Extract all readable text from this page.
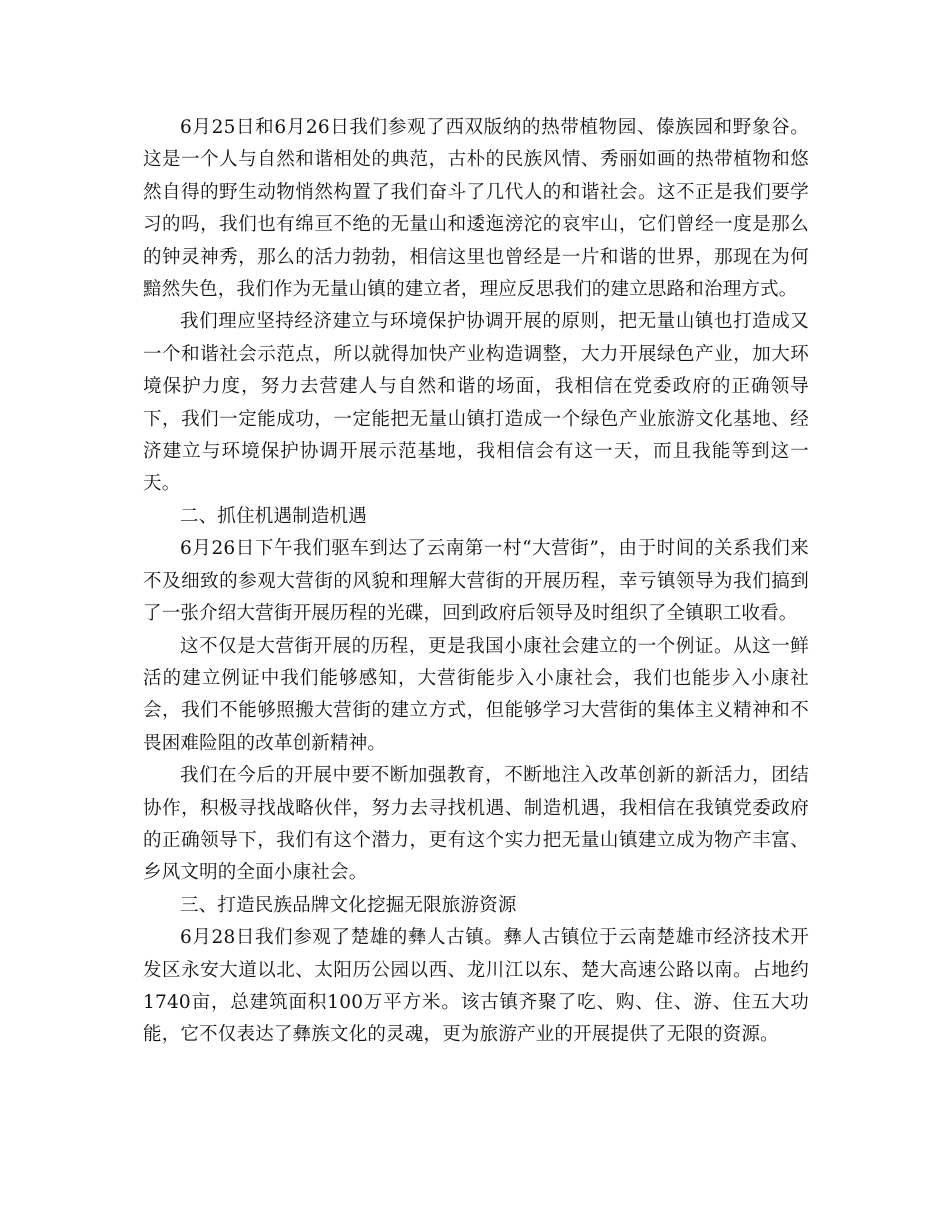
6月25日和6月26日我们参观了西双版纳的热带植物园、傣族园和野象谷。这是一个人与自然和谐相处的典范，古朴的民族风情、秀丽如画的热带植物和悠然自得的野生动物悄然构置了我们奋斗了几代人的和谐社会。这不正是我们要学习的吗，我们也有绵亘不绝的无量山和逶迤滂沱的哀牢山，它们曾经一度是那么的钟灵神秀，那么的活力勃勃，相信这里也曾经是一片和谐的世界，那现在为何黯然失色，我们作为无量山镇的建立者，理应反思我们的建立思路和治理方式。

我们理应坚持经济建立与环境保护协调开展的原则，把无量山镇也打造成又一个和谐社会示范点，所以就得加快产业构造调整，大力开展绿色产业，加大环境保护力度，努力去营建人与自然和谐的场面，我相信在党委政府的正确领导下，我们一定能成功，一定能把无量山镇打造成一个绿色产业旅游文化基地、经济建立与环境保护协调开展示范基地，我相信会有这一天，而且我能等到这一天。

二、抓住机遇制造机遇

6月26日下午我们驱车到达了云南第一村“大营街”，由于时间的关系我们来不及细致的参观大营街的风貌和理解大营街的开展历程，幸亏镇领导为我们搞到了一张介绍大营街开展历程的光碟，回到政府后领导及时组织了全镇职工收看。

这不仅是大营街开展的历程，更是我国小康社会建立的一个例证。从这一鲜活的建立例证中我们能够感知，大营街能步入小康社会，我们也能步入小康社会，我们不能够照搬大营街的建立方式，但能够学习大营街的集体主义精神和不畏困难险阻的改革创新精神。

我们在今后的开展中要不断加强教育，不断地注入改革创新的新活力，团结协作，积极寻找战略伙伴，努力去寻找机遇、制造机遇，我相信在我镇党委政府的正确领导下，我们有这个潜力，更有这个实力把无量山镇建立成为物产丰富、乡风文明的全面小康社会。

三、打造民族品牌文化挖掘无限旅游资源

6月28日我们参观了楚雄的彝人古镇。彝人古镇位于云南楚雄市经济技术开发区永安大道以北、太阳历公园以西、龙川江以东、楚大高速公路以南。占地约1740亩，总建筑面积100万平方米。该古镇齐聚了吃、购、住、游、住五大功能，它不仅表达了彝族文化的灵魂，更为旅游产业的开展提供了无限的资源。
